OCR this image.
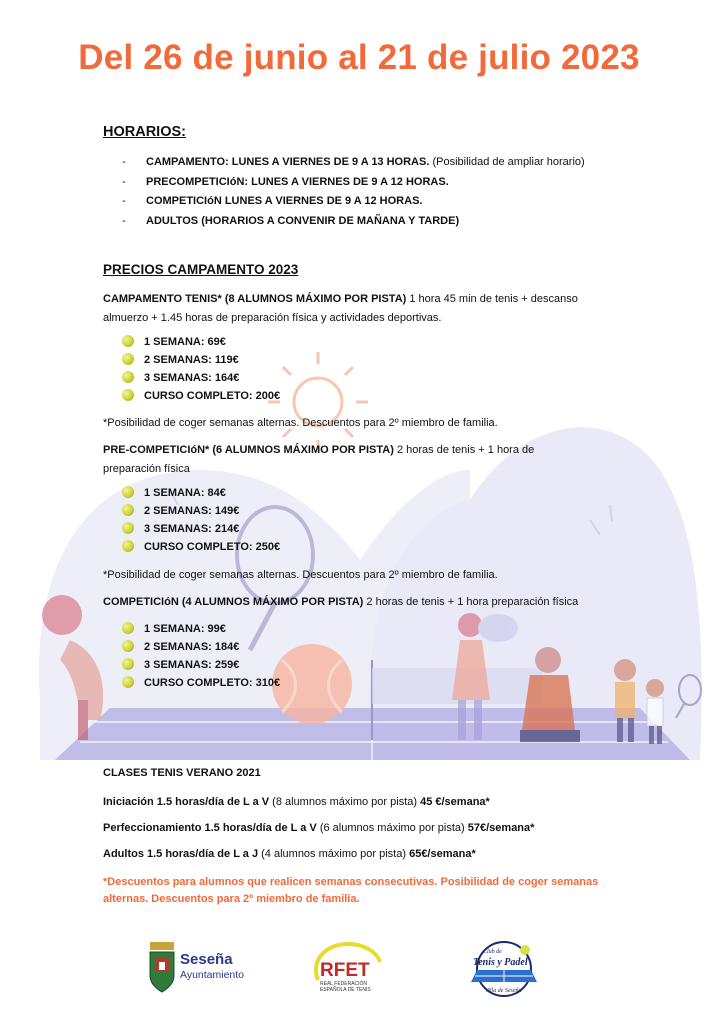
Del 26 de junio al 21 de julio 2023
HORARIOS:
- CAMPAMENTO: LUNES A VIERNES DE 9 A 13 HORAS. (Posibilidad de ampliar horario)
- PRECOMPETICIóN: LUNES A VIERNES DE 9 A 12 HORAS.
- COMPETICIóN LUNES A VIERNES DE 9 A 12 HORAS.
- ADULTOS (HORARIOS A CONVENIR DE MAÑANA Y TARDE)
PRECIOS CAMPAMENTO 2023
CAMPAMENTO TENIS* (8 ALUMNOS MÁXIMO POR PISTA) 1 hora 45 min de tenis + descanso almuerzo + 1.45 horas de preparación física y actividades deportivas.
1 SEMANA: 69€
2 SEMANAS: 119€
3 SEMANAS: 164€
CURSO COMPLETO: 200€
*Posibilidad de coger semanas alternas. Descuentos para 2º miembro de familia.
PRE-COMPETICIóN* (6 ALUMNOS MÁXIMO POR PISTA) 2 horas de tenis + 1 hora de preparación física
1 SEMANA: 84€
2 SEMANAS: 149€
3 SEMANAS: 214€
CURSO COMPLETO: 250€
*Posibilidad de coger semanas alternas. Descuentos para 2º miembro de familia.
COMPETICIóN (4 ALUMNOS MÁXIMO POR PISTA) 2 horas de tenis + 1 hora preparación física
1 SEMANA: 99€
2 SEMANAS: 184€
3 SEMANAS: 259€
CURSO COMPLETO: 310€
CLASES TENIS VERANO 2021
Iniciación 1.5 horas/día de L a V (8 alumnos máximo por pista) 45 €/semana*
Perfeccionamiento 1.5 horas/día de L a V (6 alumnos máximo por pista) 57€/semana*
Adultos 1.5 horas/día de L a J (4 alumnos máximo por pista) 65€/semana*
*Descuentos para alumnos que realicen semanas consecutivas. Posibilidad de coger semanas alternas. Descuentos para 2º miembro de familia.
Seseña
Ayuntamiento	RFET
REAL FEDERACIÓN
ESPAÑOLA DE TENIS
Club de
Tenis y Padel
Villa de Seseña
